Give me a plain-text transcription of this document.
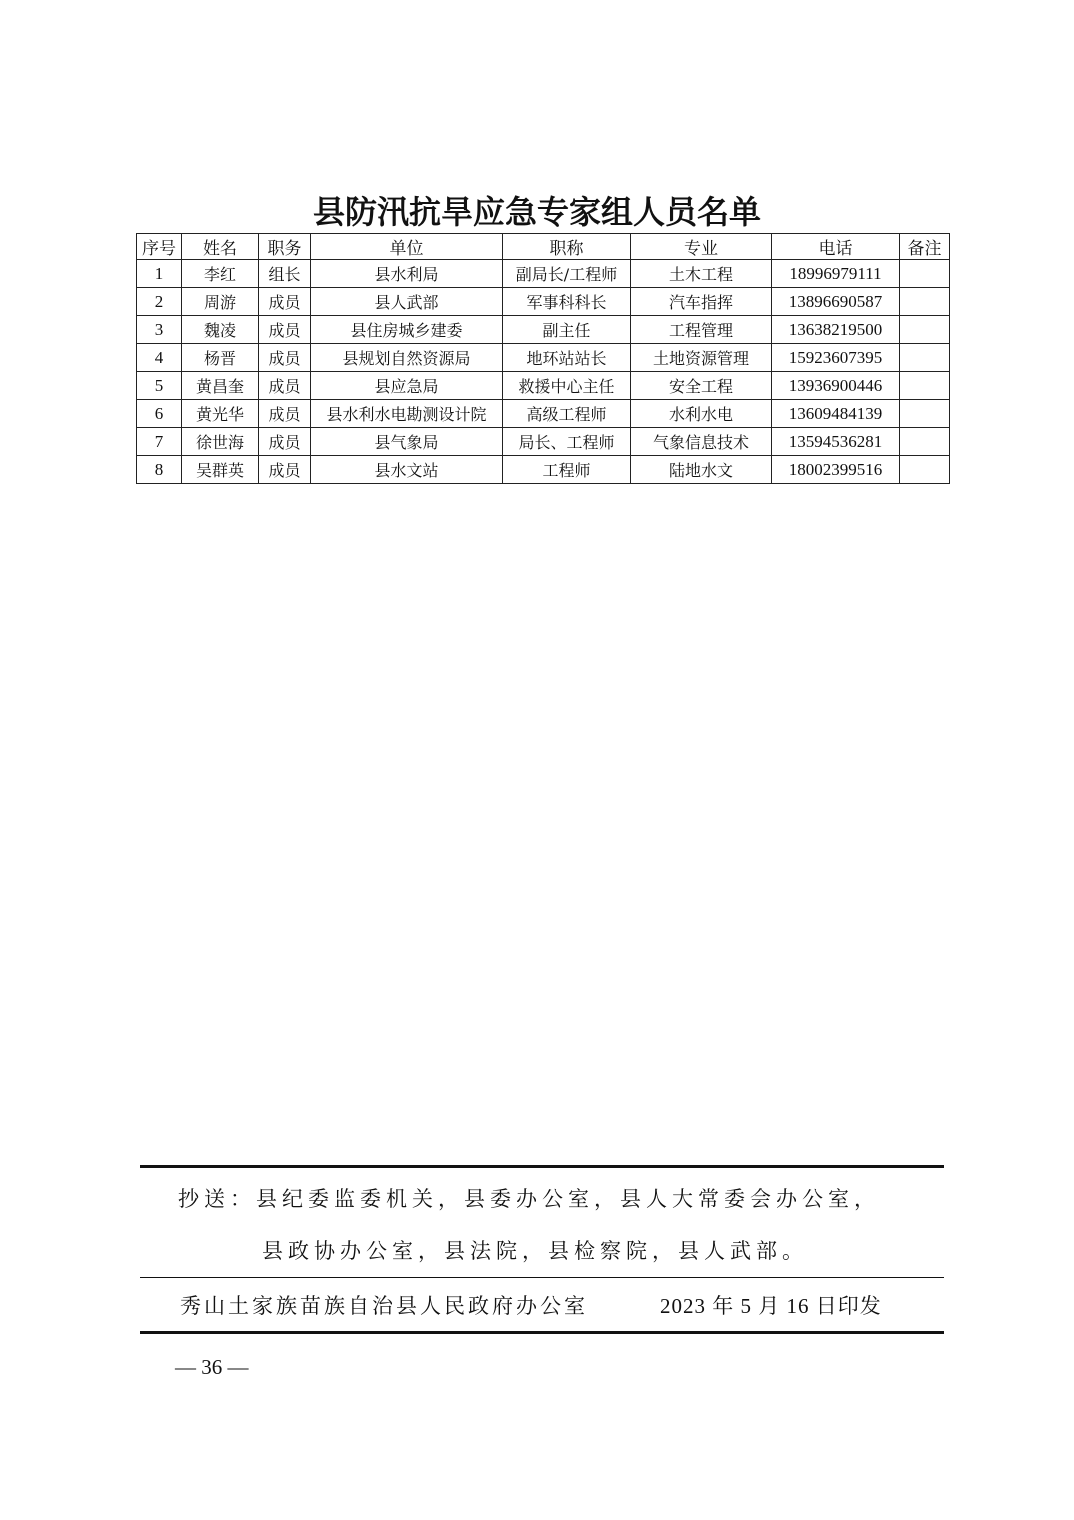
县防汛抗旱应急专家组人员名单
序号	姓名	职务	单位	职称	专业	电话	备注
1	李红	组长	县水利局	副局长/工程师	土木工程	18996979111	
2	周游	成员	县人武部	军事科科长	汽车指挥	13896690587	
3	魏凌	成员	县住房城乡建委	副主任	工程管理	13638219500	
4	杨晋	成员	县规划自然资源局	地环站站长	土地资源管理	15923607395	
5	黄昌奎	成员	县应急局	救援中心主任	安全工程	13936900446	
6	黄光华	成员	县水利水电勘测设计院	高级工程师	水利水电	13609484139	
7	徐世海	成员	县气象局	局长、工程师	气象信息技术	13594536281	
8	吴群英	成员	县水文站	工程师	陆地水文	18002399516	
抄送：县纪委监委机关，县委办公室，县人大常委会办公室，
县政协办公室，县法院，县检察院，县人武部。
秀山土家族苗族自治县人民政府办公室	2023 年 5 月 16 日印发
— 36 —
